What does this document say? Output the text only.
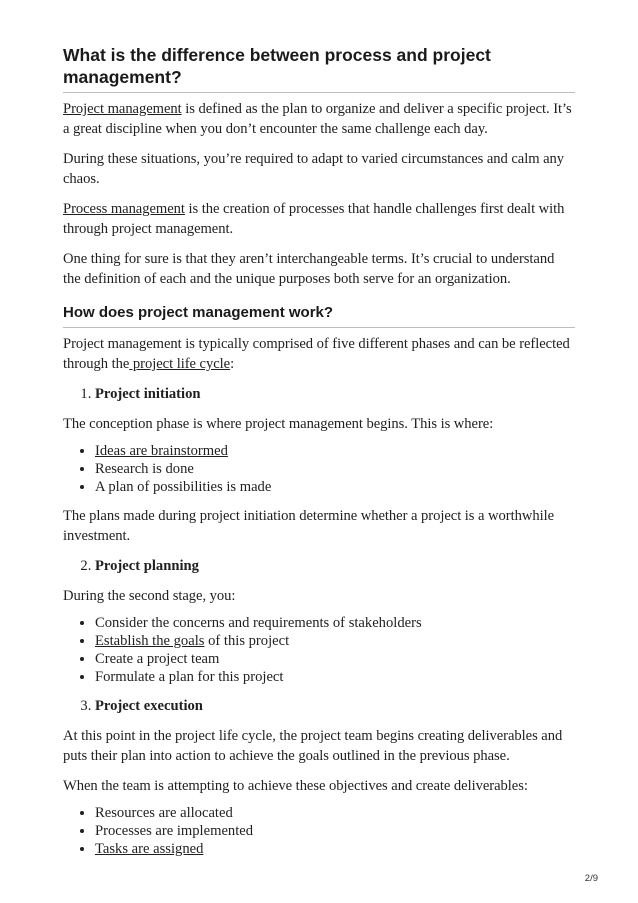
What is the difference between process and project management?

Project management is defined as the plan to organize and deliver a specific project. It’s a great discipline when you don’t encounter the same challenge each day.

During these situations, you’re required to adapt to varied circumstances and calm any chaos.

Process management is the creation of processes that handle challenges first dealt with through project management.

One thing for sure is that they aren’t interchangeable terms. It’s crucial to understand the definition of each and the unique purposes both serve for an organization.

How does project management work?

Project management is typically comprised of five different phases and can be reflected through the project life cycle:

1. Project initiation

The conception phase is where project management begins. This is where:

• Ideas are brainstormed
• Research is done
• A plan of possibilities is made

The plans made during project initiation determine whether a project is a worthwhile investment.

2. Project planning

During the second stage, you:

• Consider the concerns and requirements of stakeholders
• Establish the goals of this project
• Create a project team
• Formulate a plan for this project
3. Project execution

At this point in the project life cycle, the project team begins creating deliverables and puts their plan into action to achieve the goals outlined in the previous phase.

When the team is attempting to achieve these objectives and create deliverables:

• Resources are allocated
• Processes are implemented
• Tasks are assigned
2/9
